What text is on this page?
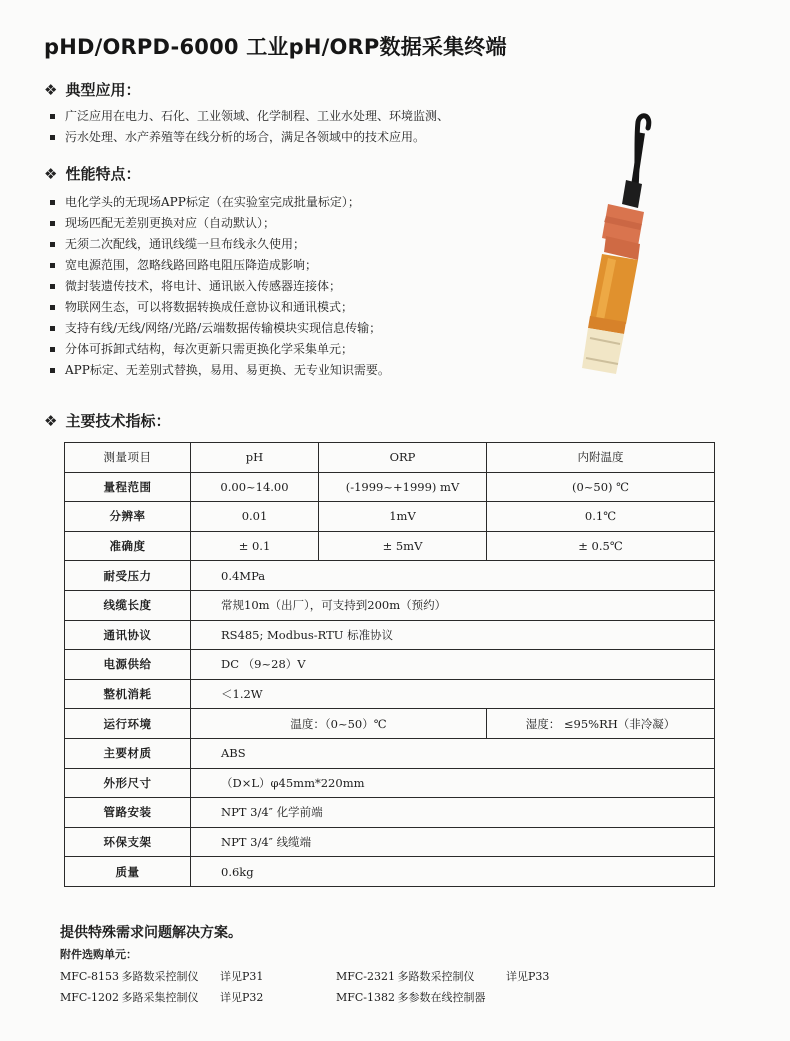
pHD/ORPD-6000 工业pH/ORP数据采集终端
❖ 典型应用：
广泛应用在电力、石化、工业领域、化学制程、工业水处理、环境监测、
污水处理、水产养殖等在线分析的场合，满足各领域中的技术应用。
❖ 性能特点：
电化学头的无现场APP标定（在实验室完成批量标定）；
现场匹配无差别更换对应（自动默认）；
无须二次配线，通讯线缆一旦布线永久使用；
宽电源范围，忽略线路回路电阻压降造成影响；
微封装遗传技术，将电计、通讯嵌入传感器连接体；
物联网生态，可以将数据转换成任意协议和通讯模式；
支持有线/无线/网络/光路/云端数据传输模块实现信息传输；
分体可拆卸式结构，每次更新只需更换化学采集单元；
APP标定、无差别式替换，易用、易更换、无专业知识需要。
❖ 主要技术指标：
测量项目	pH	ORP	内附温度
量程范围	0.00~14.00	(-1999~+1999) mV	(0~50) ℃
分辨率	0.01	1mV	0.1℃
准确度	± 0.1	± 5mV	± 0.5℃
耐受压力	0.4MPa		
线缆长度	常规10m（出厂），可支持到200m（预约）		
通讯协议	RS485; Modbus-RTU 标准协议		
电源供给	DC （9~28）V		
整机消耗	＜1.2W		
运行环境	温度：（0~50）℃		湿度： ≤95%RH（非冷凝）
主要材质	ABS		
外形尺寸	（D×L）φ45mm*220mm		
管路安装	NPT 3/4″ 化学前端		
环保支架	NPT 3/4″ 线缆端		
质量	0.6kg		
提供特殊需求问题解决方案。
附件选购单元：
MFC-8153 多路数采控制仪 详见P31	MFC-2321 多路数采控制仪	详见P33
MFC-1202 多路采集控制仪 详见P32	MFC-1382 多参数在线控制器
